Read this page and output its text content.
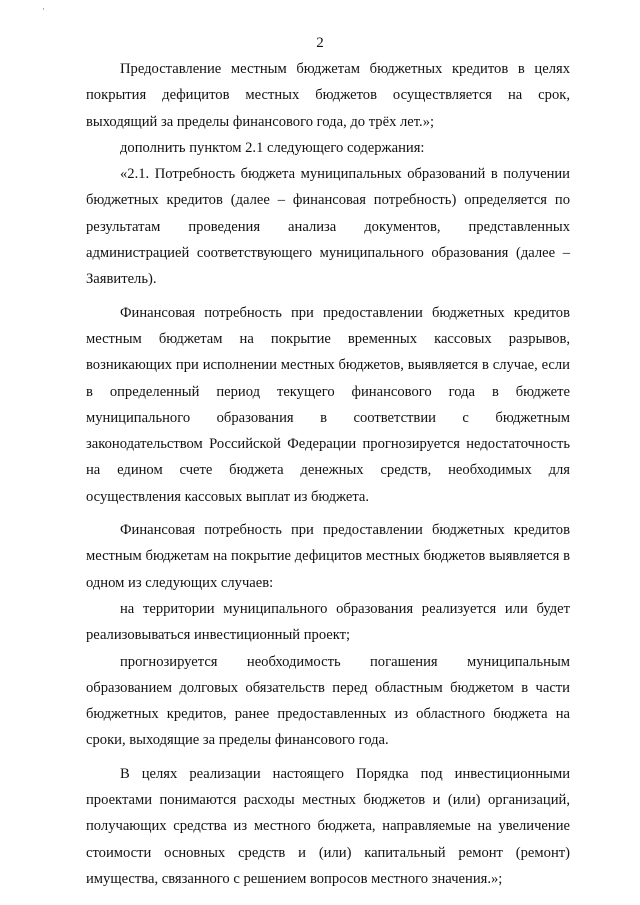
·
2

Предоставление местным бюджетам бюджетных кредитов в целях покрытия дефицитов местных бюджетов осуществляется на срок, выходящий за пределы финансового года, до трёх лет.»;

дополнить пунктом 2.1 следующего содержания:

«2.1. Потребность бюджета муниципальных образований в получении бюджетных кредитов (далее – финансовая потребность) определяется по результатам проведения анализа документов, представленных администрацией соответствующего муниципального образования (далее – Заявитель).

Финансовая потребность при предоставлении бюджетных кредитов местным бюджетам на покрытие временных кассовых разрывов, возникающих при исполнении местных бюджетов, выявляется в случае, если в определенный период текущего финансового года в бюджете муниципального образования в соответствии с бюджетным законодательством Российской Федерации прогнозируется недостаточность на едином счете бюджета денежных средств, необходимых для осуществления кассовых выплат из бюджета.

Финансовая потребность при предоставлении бюджетных кредитов местным бюджетам на покрытие дефицитов местных бюджетов выявляется в одном из следующих случаев:

на территории муниципального образования реализуется или будет реализовываться инвестиционный проект;

прогнозируется необходимость погашения муниципальным образованием долговых обязательств перед областным бюджетом в части бюджетных кредитов, ранее предоставленных из областного бюджета на сроки, выходящие за пределы финансового года.

В целях реализации настоящего Порядка под инвестиционными проектами понимаются расходы местных бюджетов и (или) организаций, получающих средства из местного бюджета, направляемые на увеличение стоимости основных средств и (или) капитальный ремонт (ремонт) имущества, связанного с решением вопросов местного значения.»;
